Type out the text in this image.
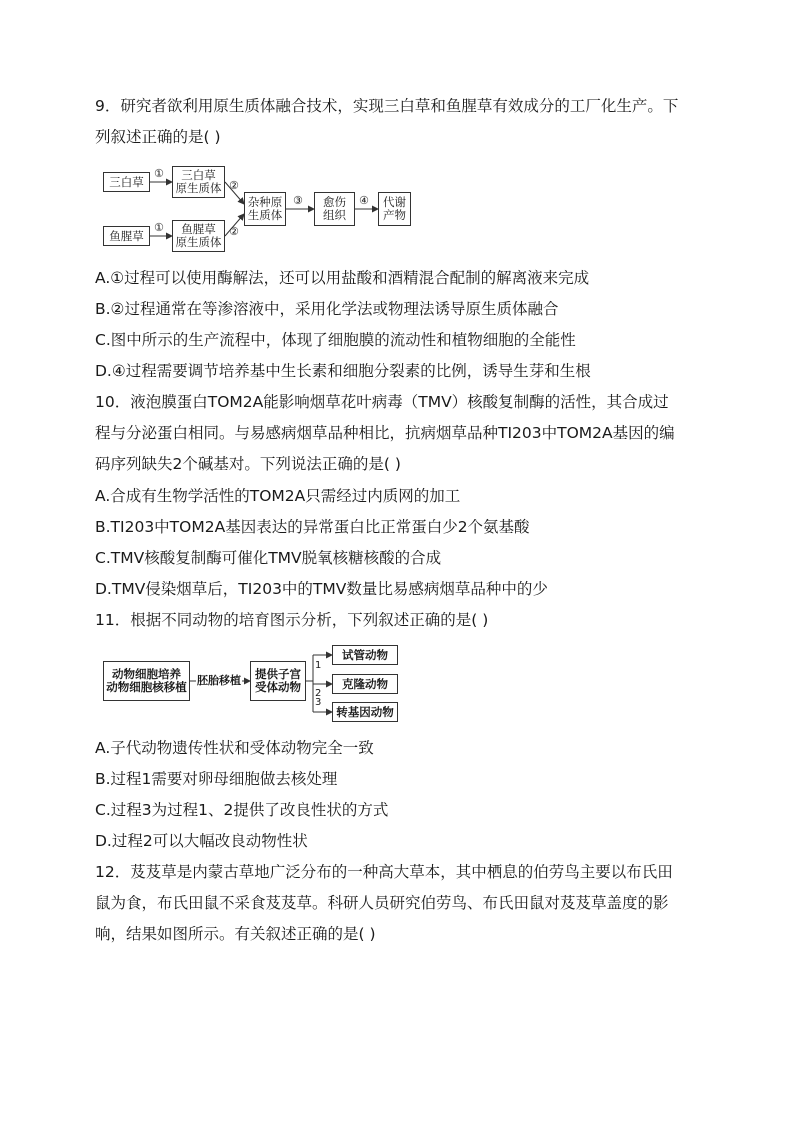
9．研究者欲利用原生质体融合技术，实现三白草和鱼腥草有效成分的工厂化生产。下
列叙述正确的是( )
三白草
鱼腥草
三白草
原生质体
鱼腥草
原生质体
杂种原
生质体
愈伤
组织
代谢
产物
①
①
②
②
③	④
A.①过程可以使用酶解法，还可以用盐酸和酒精混合配制的解离液来完成
B.②过程通常在等渗溶液中，采用化学法或物理法诱导原生质体融合
C.图中所示的生产流程中，体现了细胞膜的流动性和植物细胞的全能性
D.④过程需要调节培养基中生长素和细胞分裂素的比例，诱导生芽和生根
10．液泡膜蛋白TOM2A能影响烟草花叶病毒（TMV）核酸复制酶的活性，其合成过
程与分泌蛋白相同。与易感病烟草品种相比，抗病烟草品种TI203中TOM2A基因的编
码序列缺失2个碱基对。下列说法正确的是( )
A.合成有生物学活性的TOM2A只需经过内质网的加工
B.TI203中TOM2A基因表达的异常蛋白比正常蛋白少2个氨基酸
C.TMV核酸复制酶可催化TMV脱氧核糖核酸的合成
D.TMV侵染烟草后，TI203中的TMV数量比易感病烟草品种中的少
11．根据不同动物的培育图示分析，下列叙述正确的是( )
动物细胞培养
动物细胞核移植 胚胎移植 提供子宫
受体动物
1
2
3
试管动物
克隆动物
转基因动物
A.子代动物遗传性状和受体动物完全一致
B.过程1需要对卵母细胞做去核处理
C.过程3为过程1、2提供了改良性状的方式
D.过程2可以大幅改良动物性状
12．芨芨草是内蒙古草地广泛分布的一种高大草本，其中栖息的伯劳鸟主要以布氏田
鼠为食，布氏田鼠不采食芨芨草。科研人员研究伯劳鸟、布氏田鼠对芨芨草盖度的影
响，结果如图所示。有关叙述正确的是( )
